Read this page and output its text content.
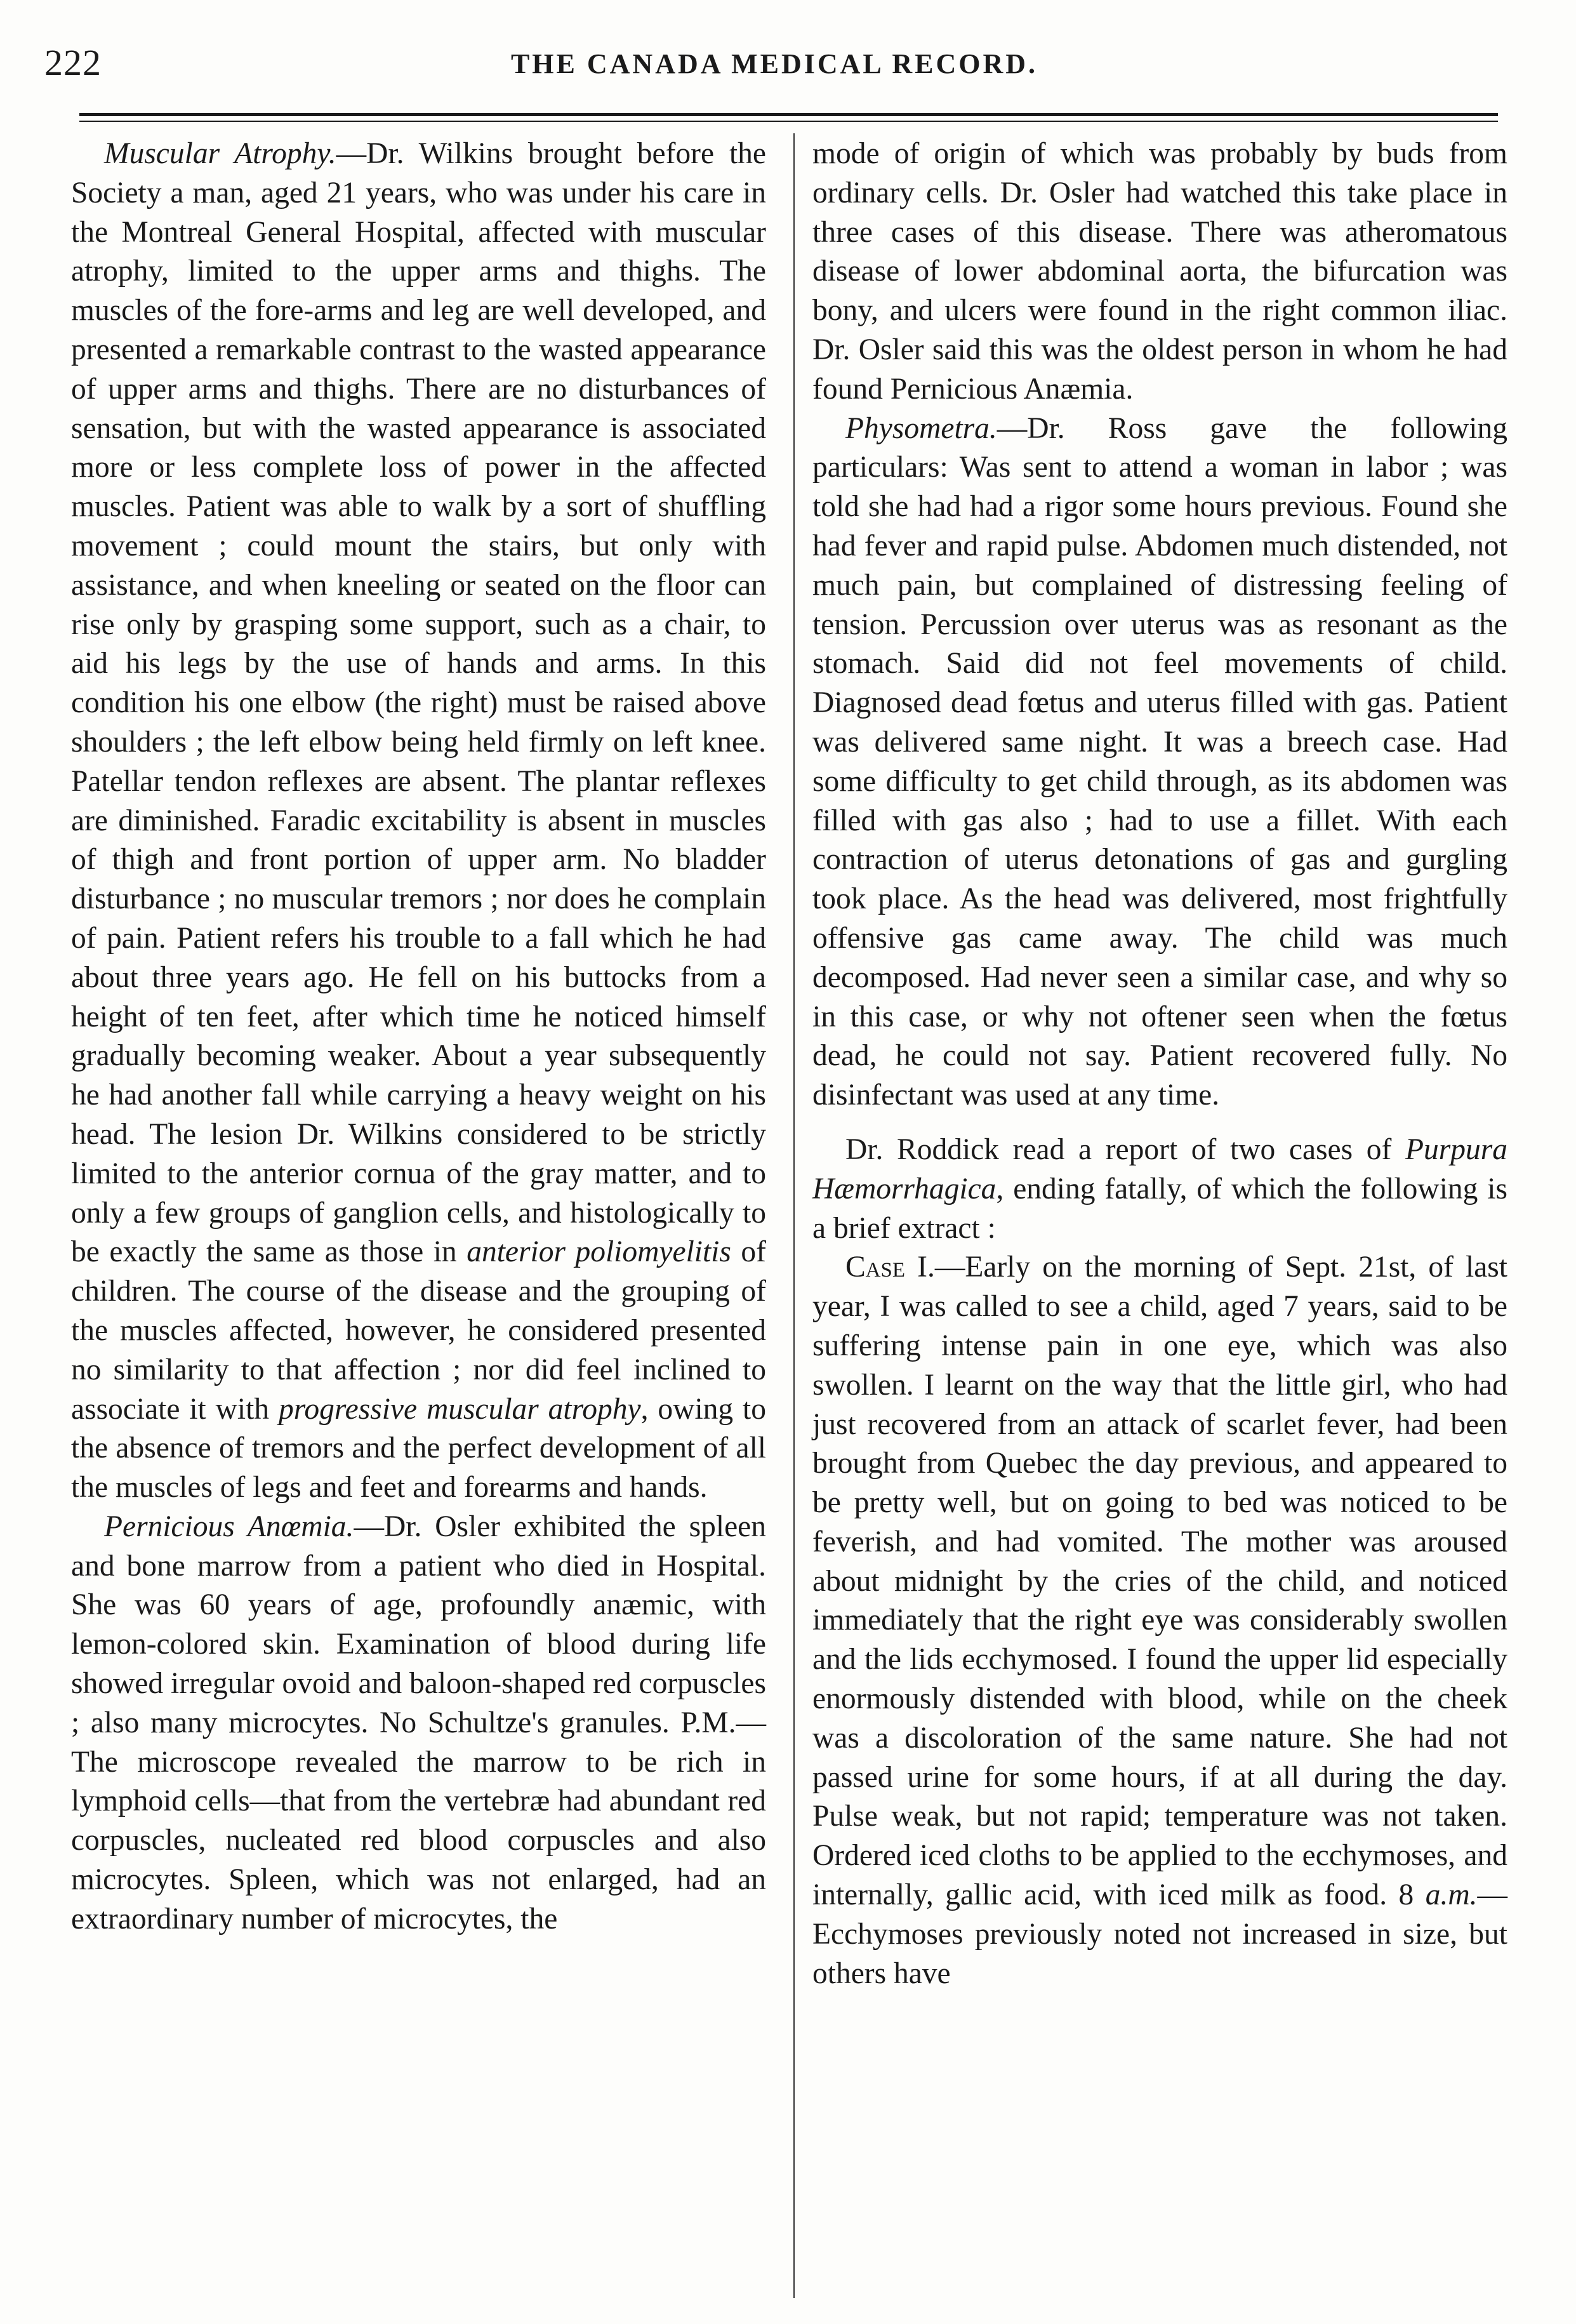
222	THE CANADA MEDICAL RECORD.

Muscular Atrophy.—Dr. Wilkins brought before the Society a man, aged 21 years, who was under his care in the Montreal General Hospital, affected with muscular atrophy, limited to the upper arms and thighs. The muscles of the fore-arms and leg are well developed, and presented a remarkable contrast to the wasted appearance of upper arms and thighs. There are no disturbances of sensation, but with the wasted appearance is associated more or less complete loss of power in the affected muscles. Patient was able to walk by a sort of shuffling movement ; could mount the stairs, but only with assistance, and when kneeling or seated on the floor can rise only by grasping some support, such as a chair, to aid his legs by the use of hands and arms. In this condition his one elbow (the right) must be raised above shoulders ; the left elbow being held firmly on left knee. Patellar tendon reflexes are absent. The plantar reflexes are diminished. Faradic excitability is absent in muscles of thigh and front portion of upper arm. No bladder disturbance ; no muscular tremors ; nor does he complain of pain. Patient refers his trouble to a fall which he had about three years ago. He fell on his buttocks from a height of ten feet, after which time he noticed himself gradually becoming weaker. About a year subsequently he had another fall while carrying a heavy weight on his head. The lesion Dr. Wilkins considered to be strictly limited to the anterior cornua of the gray matter, and to only a few groups of ganglion cells, and histologically to be exactly the same as those in anterior poliomyelitis of children. The course of the disease and the grouping of the muscles affected, however, he considered presented no similarity to that affection ; nor did feel inclined to associate it with progressive muscular atrophy, owing to the absence of tremors and the perfect development of all the muscles of legs and feet and forearms and hands.

Pernicious Anœmia.—Dr. Osler exhibited the spleen and bone marrow from a patient who died in Hospital. She was 60 years of age, profoundly anæmic, with lemon-colored skin. Examination of blood during life showed irregular ovoid and baloon-shaped red corpuscles ; also many microcytes. No Schultze's granules. P.M.—The microscope revealed the marrow to be rich in lymphoid cells—that from the vertebræ had abundant red corpuscles, nucleated red blood corpuscles and also microcytes. Spleen, which was not enlarged, had an extraordinary number of microcytes, the

mode of origin of which was probably by buds from ordinary cells. Dr. Osler had watched this take place in three cases of this disease. There was atheromatous disease of lower abdominal aorta, the bifurcation was bony, and ulcers were found in the right common iliac. Dr. Osler said this was the oldest person in whom he had found Pernicious Anæmia.

Physometra.—Dr. Ross gave the following particulars: Was sent to attend a woman in labor ; was told she had had a rigor some hours previous. Found she had fever and rapid pulse. Abdomen much distended, not much pain, but complained of distressing feeling of tension. Percussion over uterus was as resonant as the stomach. Said did not feel movements of child. Diagnosed dead fœtus and uterus filled with gas. Patient was delivered same night. It was a breech case. Had some difficulty to get child through, as its abdomen was filled with gas also ; had to use a fillet. With each contraction of uterus detonations of gas and gurgling took place. As the head was delivered, most frightfully offensive gas came away. The child was much decomposed. Had never seen a similar case, and why so in this case, or why not oftener seen when the fœtus dead, he could not say. Patient recovered fully. No disinfectant was used at any time.

Dr. Roddick read a report of two cases of Purpura Hæmorrhagica, ending fatally, of which the following is a brief extract :

Case I.—Early on the morning of Sept. 21st, of last year, I was called to see a child, aged 7 years, said to be suffering intense pain in one eye, which was also swollen. I learnt on the way that the little girl, who had just recovered from an attack of scarlet fever, had been brought from Quebec the day previous, and appeared to be pretty well, but on going to bed was noticed to be feverish, and had vomited. The mother was aroused about midnight by the cries of the child, and noticed immediately that the right eye was considerably swollen and the lids ecchymosed. I found the upper lid especially enormously distended with blood, while on the cheek was a discoloration of the same nature. She had not passed urine for some hours, if at all during the day. Pulse weak, but not rapid; temperature was not taken. Ordered iced cloths to be applied to the ecchymoses, and internally, gallic acid, with iced milk as food. 8 a.m.— Ecchymoses previously noted not increased in size, but others have
